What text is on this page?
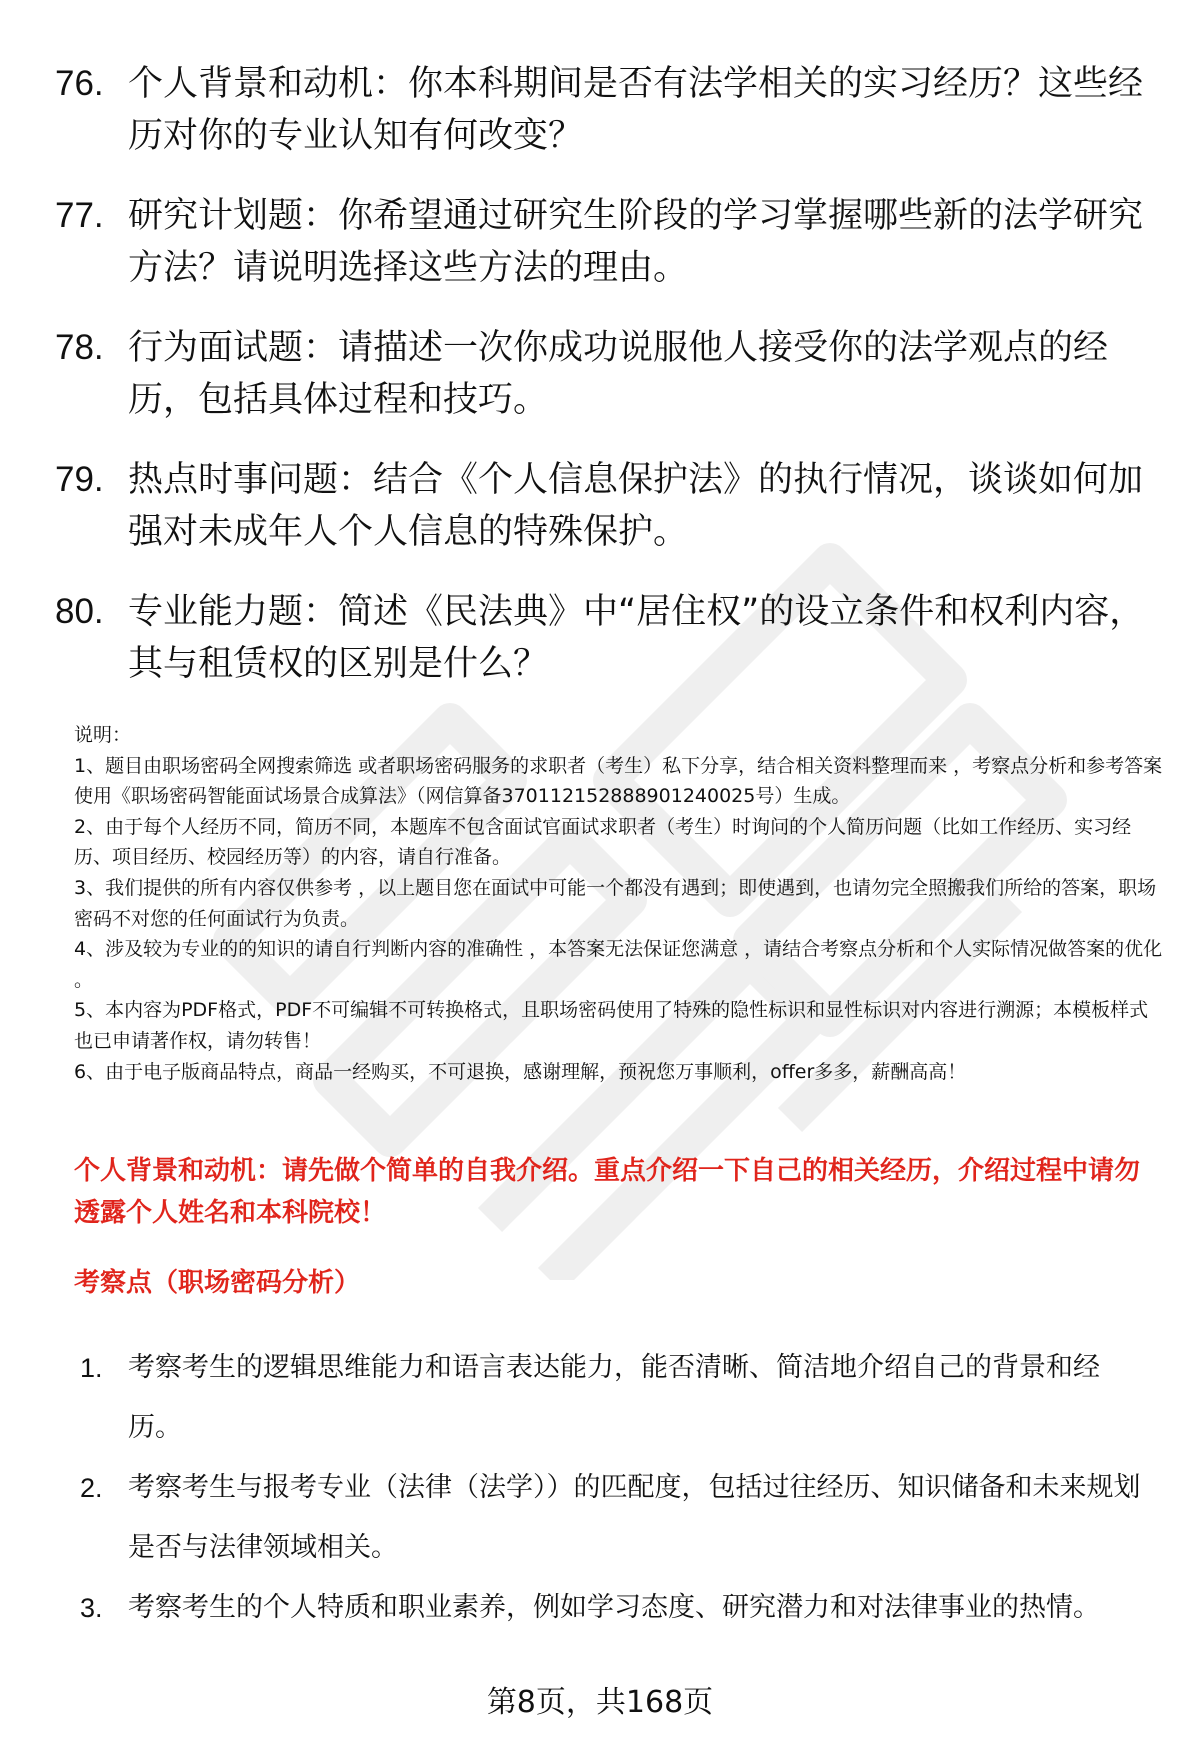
76. 个人背景和动机：你本科期间是否有法学相关的实习经历？这些经历对你的专业认知有何改变？
77. 研究计划题：你希望通过研究生阶段的学习掌握哪些新的法学研究方法？请说明选择这些方法的理由。
78. 行为面试题：请描述一次你成功说服他人接受你的法学观点的经历，包括具体过程和技巧。
79. 热点时事问题：结合《个人信息保护法》的执行情况，谈谈如何加强对未成年人个人信息的特殊保护。
80. 专业能力题：简述《民法典》中“居住权”的设立条件和权利内容，其与租赁权的区别是什么？

说明：

1、题目由职场密码全网搜索筛选 或者职场密码服务的求职者（考生）私下分享，结合相关资料整理而来 ，考察点分析和参考答案使用《职场密码智能面试场景合成算法》（网信算备370112152888901240025号）生成。

2、由于每个人经历不同，简历不同，本题库不包含面试官面试求职者（考生）时询问的个人简历问题（比如工作经历、实习经历、项目经历、校园经历等）的内容，请自行准备。

3、我们提供的所有内容仅供参考 ，以上题目您在面试中可能一个都没有遇到；即使遇到，也请勿完全照搬我们所给的答案，职场密码不对您的任何面试行为负责。

4、涉及较为专业的的知识的请自行判断内容的准确性 ，本答案无法保证您满意 ，请结合考察点分析和个人实际情况做答案的优化 。

5、本内容为PDF格式，PDF不可编辑不可转换格式，且职场密码使用了特殊的隐性标识和显性标识对内容进行溯源；本模板样式也已申请著作权，请勿转售！

6、由于电子版商品特点，商品一经购买，不可退换，感谢理解，预祝您万事顺利，offer多多，薪酬高高！

个人背景和动机：请先做个简单的自我介绍。重点介绍一下自己的相关经历，介绍过程中请勿透露个人姓名和本科院校！
考察点（职场密码分析）
1. 考察考生的逻辑思维能力和语言表达能力，能否清晰、简洁地介绍自己的背景和经历。
2. 考察考生与报考专业（法律（法学））的匹配度，包括过往经历、知识储备和未来规划是否与法律领域相关。
3. 考察考生的个人特质和职业素养，例如学习态度、研究潜力和对法律事业的热情。
第8页，共168页
